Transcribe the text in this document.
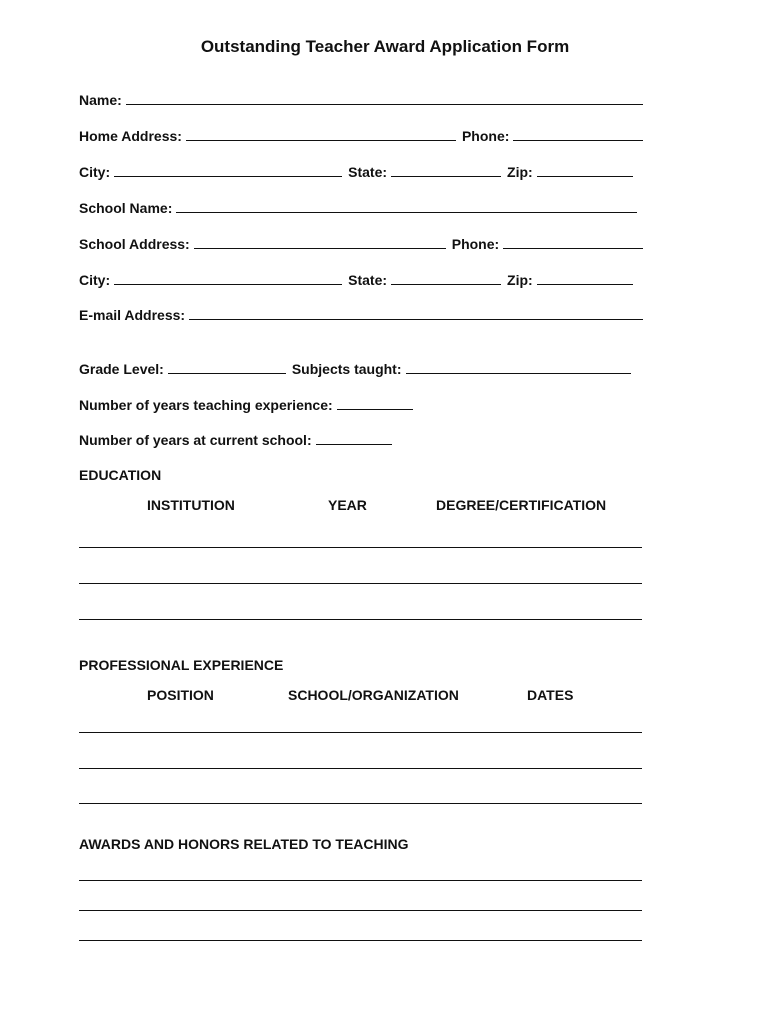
Outstanding Teacher Award Application Form
Name:
Home Address:	Phone:
City:	State:	Zip:
School Name:
School Address:	Phone:
City:	State:	Zip:
E-mail Address:
Grade Level:	Subjects taught:
Number of years teaching experience:
Number of years at current school:
EDUCATION
INSTITUTION	YEAR	DEGREE/CERTIFICATION
PROFESSIONAL EXPERIENCE
POSITION	SCHOOL/ORGANIZATION	DATES
AWARDS AND HONORS RELATED TO TEACHING
